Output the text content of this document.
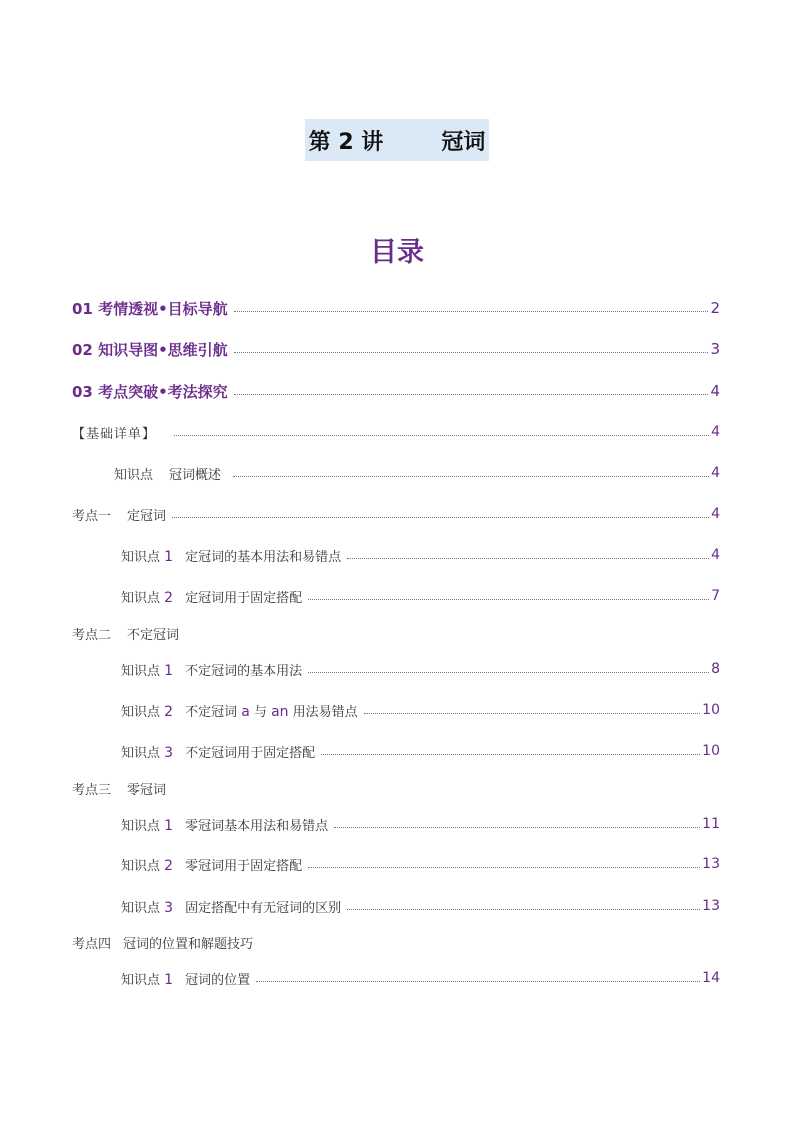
第 2 讲	冠词
目录
01 考情透视•目标导航	2
02 知识导图•思维引航	3
03 考点突破•考法探究	4
【基础详单】	4
知识点 冠词概述	4
考点一 定冠词	4
知识点 1 定冠词的基本用法和易错点	4
知识点 2 定冠词用于固定搭配	7
考点二 不定冠词
知识点 1 不定冠词的基本用法	8
知识点 2 不定冠词 a 与 an 用法易错点	10
知识点 3 不定冠词用于固定搭配	10
考点三 零冠词
知识点 1 零冠词基本用法和易错点	11
知识点 2 零冠词用于固定搭配	13
知识点 3 固定搭配中有无冠词的区别	13
考点四 冠词的位置和解题技巧
知识点 1 冠词的位置	14
